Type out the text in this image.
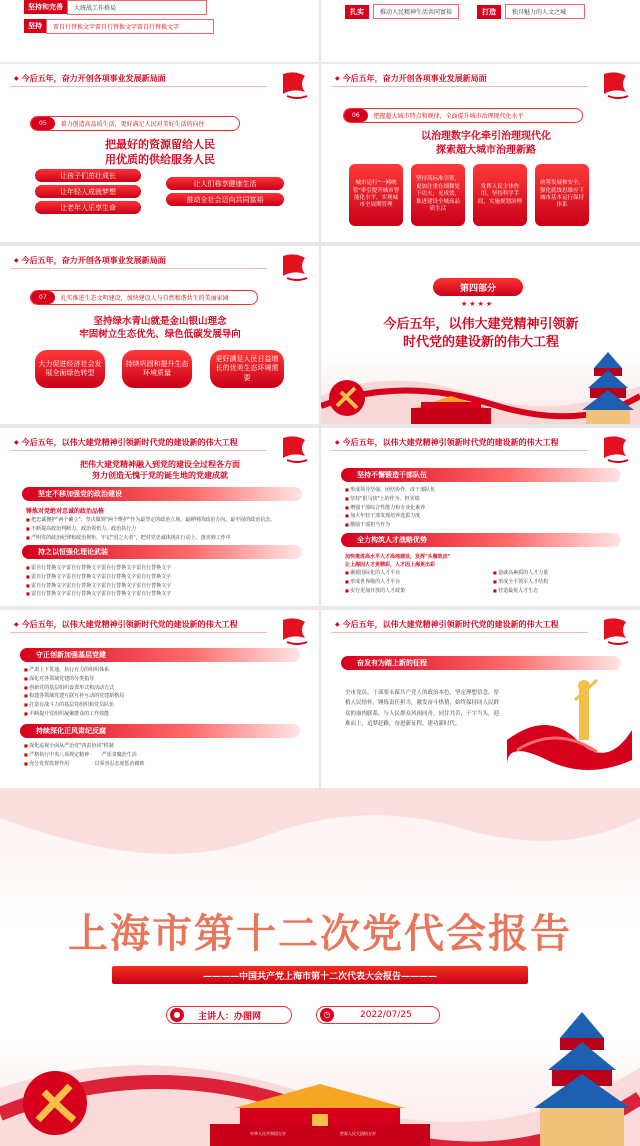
坚持和完善	大统战工作格局
坚持	雷自行替换文字雷自行替换文字雷自行替换文字
扎实	推动人民精神生活共同富裕	打造	独具魅力的人文之城
◆ 今后五年，奋力开创各项事业发展新局面
05	着力创造高品质生活，更好满足人民对美好生活的向往
把最好的资源留给人民
用优质的供给服务人民
让孩子们茁壮成长
让年轻人成就梦想
让老年人乐享生命
让人们称享健康生活
推动全社会迈向共同富裕
◆ 今后五年，奋力开创各项事业发展新局面
06	把握超大城市特点和规律，全面提升城市治理现代化水平
以治理数字化牵引治理现代化
探索超大城市治理新路
城市运行"一网统管"牵引提升城市智能化水平，实现城市全周期管理
坚持高标准引领，更加注重在细微处下功夫，见成效，推进建设全域高品质生活
发挥人民主体作用，坚持科学手段，实施规划治理
统筹发展和安全，强化底线思维应下城市基本运行保持体系
◆ 今后五年，奋力开创各项事业发展新局面
07	扎实推进生态文明建设，加快建设人与自然和谐共生的美丽家园
坚持绿水青山就是金山银山理念
牢固树立生态优先、绿色低碳发展导向
大力促进经济社会发展全面绿色转型
持续巩固和提升生态环境质量
更好满足人民日益增长的优美生态环境需要
第四部分
★★★★
今后五年，以伟大建党精神引领新
时代党的建设新的伟大工程
◆ 今后五年，以伟大建党精神引领新时代党的建设新的伟大工程
把伟大建党精神融入到党的建设全过程各方面
努力创造无愧于党的诞生地的党建成就
坚定不移加强党的政治建设
锤炼对党绝对忠诚的政治品格
■ 把忠诚拥护"两个确立"、坚决做到"两个维护"作为最坚定的政治立场、最鲜明的政治方向、最牢固的政治信念、
■ 不断提高政治判断力、政治领悟力、政治执行力
■ 严明党的政治纪律和政治规矩，牢记"国之大者"，把对党忠诚体现在行动上、落实到工作中
持之以恒强化理论武装
■ 雷自行替换文字雷自行替换文字雷自行替换文字雷自行替换文字
■ 雷自行替换文字雷自行替换文字雷自行替换文字雷自行替换文字
■ 雷自行替换文字雷自行替换文字雷自行替换文字雷自行替换文字
■ 雷自行替换文字雷自行替换文字雷自行替换文字雷自行替换文字
◆ 今后五年，以伟大建党精神引领新时代党的建设新的伟大工程
坚持不懈锻造干部队伍
■ 形成领导坚强、团结协作、改干部队伍
■ 坚持"狠马快"上的作为、担实绩
■ 增强干部综合性能力和专业化素养
■ 加大年轻干部发现培养选拔力度
■ 激励干部担当作为
全力构筑人才战略优势
加快推进高水平人才高地建设，发挥"头雁效应"
让上海因人才更精彩，人才因上海更出彩
■ 聚源国际化的人才平台
■ 形成世界级的人才平台
■ 实行更加开放的人才政策
■ 造就高素质的人才力量
■ 形成全平领军人才结构
■ 营造最优人才生态
◆ 今后五年，以伟大建党精神引领新时代党的建设新的伟大工程
守正创新加强基层党建
■ 严肃上下贯通、执行有力的组织体系
■ 深化对各领域党建的分类指导
■ 创新党的基层组织设置形式和活动方式
■ 构建各领域党建互联互补互动的党建新格局
■ 打造有战斗力的基层党组织和党员队伍
■ 不断提升党组织凝聚群众的工作效能
持续深化正风肃纪反腐
■ 深化巡视全面从严治党"四责协同"机制
■ 严格执行中央八项规定精神        严惩贪腐治生活
■ 充分发挥监督作用                以零容忍态度惩治腐败
◆ 今后五年，以伟大建党精神引领新时代党的建设新的伟大工程
奋发有为踏上新的征程
全市党员、干部要永葆共产党人的政治本色，坚定理想信念，厚植人民情怀，锤炼责任担当，激发奋斗热情，始终保持同人民群众的血肉联系，与人民群众风雨同舟、同甘共苦，干字当头，迎难而上，追梦赶路，奋进新征程、建功新时代。
上海市第十二次党代会报告
————中国共产党上海市第十二次代表大会报告————
●	主讲人：办图网	◷	2022/07/25
中华人民共和国万岁	世界人民大团结万岁
